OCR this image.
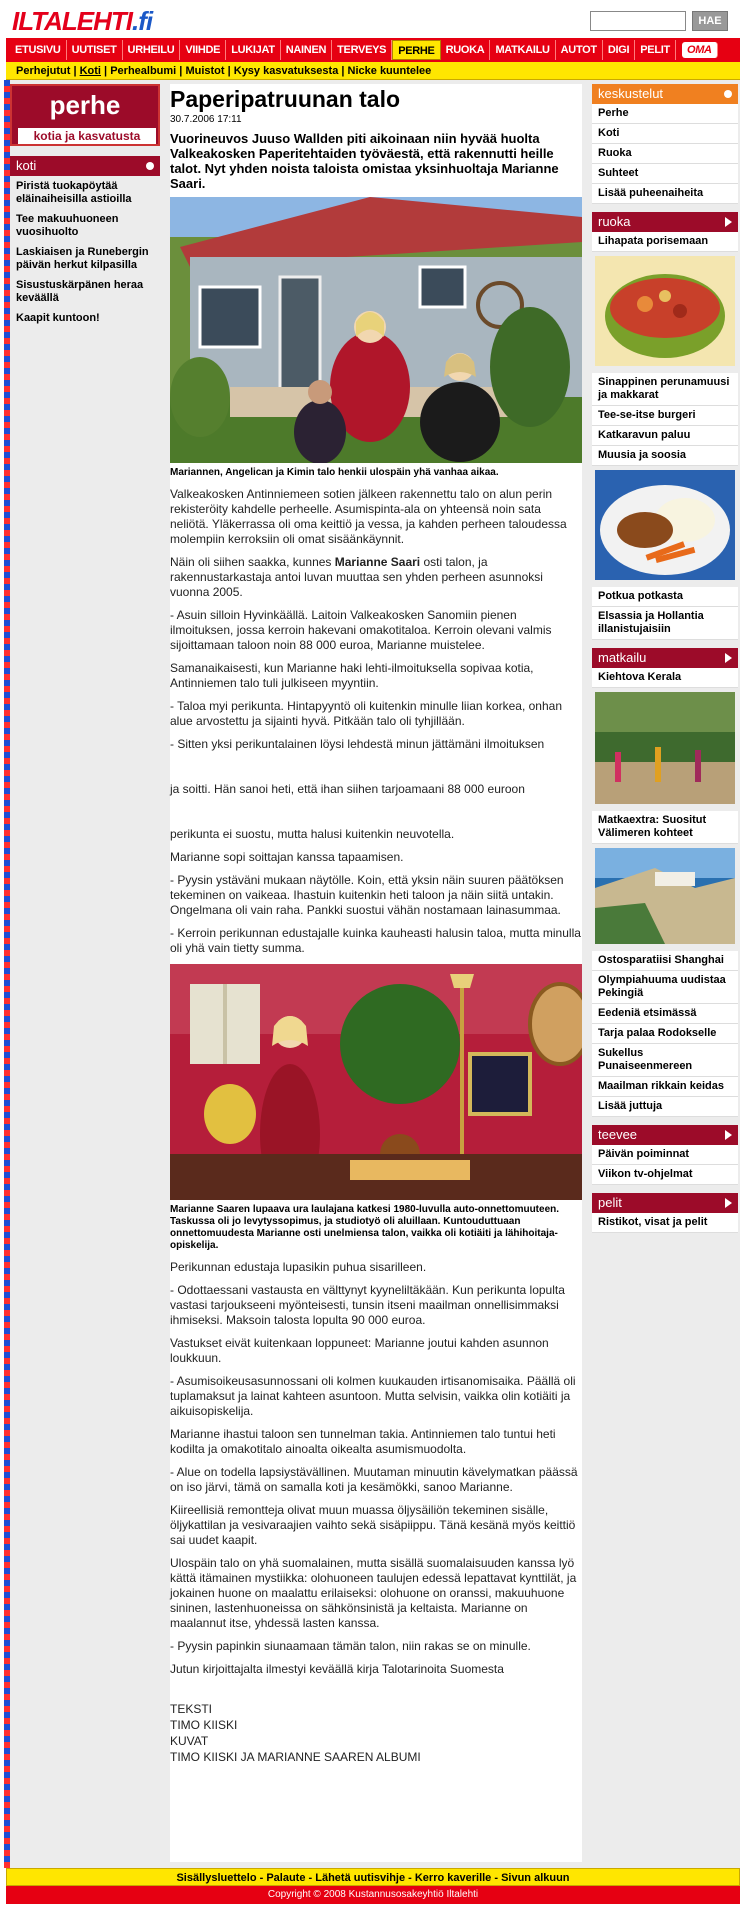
ILTALEHTI.fi	HAE
ETUSIVU	UUTISET	URHEILU	VIIHDE	LUKIJAT	NAINEN	TERVEYS	PERHE	RUOKA	MATKAILU	AUTOT	DIGI	PELIT	OMA
Perhejutut | Koti | Perhealbumi | Muistot | Kysy kasvatuksesta | Nicke kuuntelee
perhe
kotia ja kasvatusta
koti
Piristä tuokapöytää eläinaiheisilla astioilla
Tee makuuhuoneen vuosihuolto
Laskiaisen ja Runebergin päivän herkut kilpasilla
Sisustuskärpänen heraa keväällä
Kaapit kuntoon!
Paperipatruunan talo
30.7.2006 17:11
Vuorineuvos Juuso Wallden piti aikoinaan niin hyvää huolta Valkeakosken Paperitehtaiden työväestä, että rakennutti heille talot. Nyt yhden noista taloista omistaa yksinhuoltaja Marianne Saari.
Mariannen, Angelican ja Kimin talo henkii ulospäin yhä vanhaa aikaa.

Valkeakosken Antinniemeen sotien jälkeen rakennettu talo on alun perin rekisteröity kahdelle perheelle. Asumispinta-ala on yhteensä noin sata neliötä. Yläkerrassa oli oma keittiö ja vessa, ja kahden perheen taloudessa molempiin kerroksiin oli omat sisäänkäynnit.

Näin oli siihen saakka, kunnes Marianne Saari osti talon, ja rakennustarkastaja antoi luvan muuttaa sen yhden perheen asunnoksi vuonna 2005.

- Asuin silloin Hyvinkäällä. Laitoin Valkeakosken Sanomiin pienen ilmoituksen, jossa kerroin hakevani omakotitaloa. Kerroin olevani valmis sijoittamaan taloon noin 88 000 euroa, Marianne muistelee.

Samanaikaisesti, kun Marianne haki lehti-ilmoituksella sopivaa kotia, Antinniemen talo tuli julkiseen myyntiin.

- Taloa myi perikunta. Hintapyyntö oli kuitenkin minulle liian korkea, onhan alue arvostettu ja sijainti hyvä. Pitkään talo oli tyhjillään.

- Sitten yksi perikuntalainen löysi lehdestä minun jättämäni ilmoituksen

ja soitti. Hän sanoi heti, että ihan siihen tarjoamaani 88 000 euroon

perikunta ei suostu, mutta halusi kuitenkin neuvotella.

Marianne sopi soittajan kanssa tapaamisen.

- Pyysin ystäväni mukaan näytölle. Koin, että yksin näin suuren päätöksen tekeminen on vaikeaa. Ihastuin kuitenkin heti taloon ja näin siitä untakin. Ongelmana oli vain raha. Pankki suostui vähän nostamaan lainasummaa.

- Kerroin perikunnan edustajalle kuinka kauheasti halusin taloa, mutta minulla oli yhä vain tietty summa.

Marianne Saaren lupaava ura laulajana katkesi 1980-luvulla auto-onnettomuuteen. Taskussa oli jo levytyssopimus, ja studiotyö oli aluillaan. Kuntouduttuaan onnettomuudesta Marianne osti unelmiensa talon, vaikka oli kotiäiti ja lähihoitaja-opiskelija.

Perikunnan edustaja lupasikin puhua sisarilleen.

- Odottaessani vastausta en välttynyt kyyneliltäkään. Kun perikunta lopulta vastasi tarjoukseeni myönteisesti, tunsin itseni maailman onnellisimmaksi ihmiseksi. Maksoin talosta lopulta 90 000 euroa.

Vastukset eivät kuitenkaan loppuneet: Marianne joutui kahden asunnon loukkuun.

- Asumisoikeusasunnossani oli kolmen kuukauden irtisanomisaika. Päällä oli tuplamaksut ja lainat kahteen asuntoon. Mutta selvisin, vaikka olin kotiäiti ja aikuisopiskelija.

Marianne ihastui taloon sen tunnelman takia. Antinniemen talo tuntui heti kodilta ja omakotitalo ainoalta oikealta asumismuodolta.

- Alue on todella lapsiystävällinen. Muutaman minuutin kävelymatkan päässä on iso järvi, tämä on samalla koti ja kesämökki, sanoo Marianne.

Kiireellisiä remontteja olivat muun muassa öljysäiliön tekeminen sisälle, öljykattilan ja vesivaraajien vaihto sekä sisäpiippu. Tänä kesänä myös keittiö sai uudet kaapit.

Ulospäin talo on yhä suomalainen, mutta sisällä suomalaisuuden kanssa lyö kättä itämainen mystiikka: olohuoneen taulujen edessä lepattavat kynttilät, ja jokainen huone on maalattu erilaiseksi: olohuone on oranssi, makuuhuone sininen, lastenhuoneissa on sähkönsinistä ja keltaista. Marianne on maalannut itse, yhdessä lasten kanssa.

- Pyysin papinkin siunaamaan tämän talon, niin rakas se on minulle.

Jutun kirjoittajalta ilmestyi keväällä kirja Talotarinoita Suomesta

TEKSTI
TIMO KIISKI
KUVAT
TIMO KIISKI JA MARIANNE SAAREN ALBUMI
keskustelut
Perhe
Koti
Ruoka
Suhteet
Lisää puheenaiheita
ruoka
Lihapata porisemaan
Sinappinen perunamuusi ja makkarat
Tee-se-itse burgeri
Katkaravun paluu
Muusia ja soosia
Potkua potkasta
Elsassia ja Hollantia illanistujaisiin
matkailu
Kiehtova Kerala
Matkaextra: Suositut Välimeren kohteet
Ostosparatiisi Shanghai
Olympiahuuma uudistaa Pekingiä
Eedeniä etsimässä
Tarja palaa Rodokselle
Sukellus Punaiseenmereen
Maailman rikkain keidas
Lisää juttuja
teevee
Päivän poiminnat
Viikon tv-ohjelmat
pelit
Ristikot, visat ja pelit
Sisällysluettelo - Palaute - Lähetä uutisvihje - Kerro kaverille - Sivun alkuun
Copyright © 2008 Kustannusosakeyhtiö Iltalehti
